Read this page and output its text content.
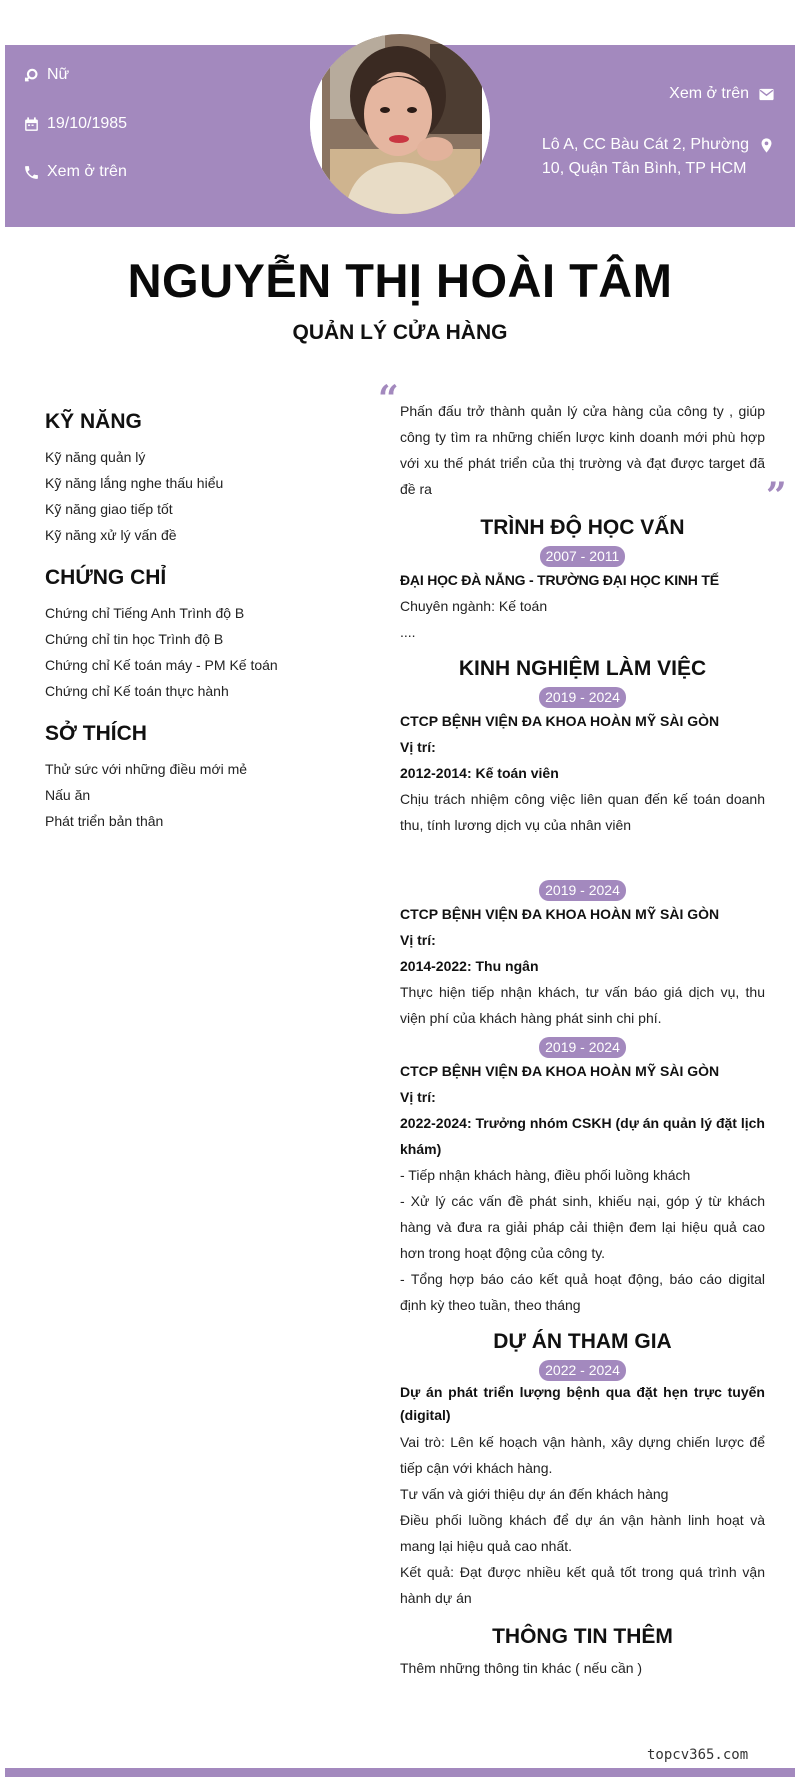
Nữ
19/10/1985
Xem ở trên
Xem ở trên
Lô A, CC Bàu Cát 2, Phường
10, Quận Tân Bình, TP HCM
NGUYỄN THỊ HOÀI TÂM
QUẢN LÝ CỬA HÀNG
KỸ NĂNG
Kỹ năng quản lý
Kỹ năng lắng nghe thấu hiểu
Kỹ năng giao tiếp tốt
Kỹ năng xử lý vấn đề
CHỨNG CHỈ
Chứng chỉ Tiếng Anh Trình độ B
Chứng chỉ tin học Trình độ B
Chứng chỉ Kế toán máy - PM Kế toán
Chứng chỉ Kế toán thực hành
SỞ THÍCH
Thử sức với những điều mới mẻ
Nấu ăn
Phát triển bản thân
“
”

Phấn đấu trở thành quản lý cửa hàng của công ty , giúp công ty tìm ra những chiến lược kinh doanh mới phù hợp với xu thế phát triển của thị trường và đạt được target đã đề ra

TRÌNH ĐỘ HỌC VẤN
2007 - 2011
ĐẠI HỌC ĐÀ NẴNG - TRƯỜNG ĐẠI HỌC KINH TẾ
Chuyên ngành: Kế toán
....
KINH NGHIỆM LÀM VIỆC
2019 - 2024
CTCP BỆNH VIỆN ĐA KHOA HOÀN MỸ SÀI GÒN
Vị trí:
2012-2014: Kế toán viên
Chịu trách nhiệm công việc liên quan đến kế toán doanh thu, tính lương dịch vụ của nhân viên
2019 - 2024
CTCP BỆNH VIỆN ĐA KHOA HOÀN MỸ SÀI GÒN
Vị trí:
2014-2022: Thu ngân
Thực hiện tiếp nhận khách, tư vấn báo giá dịch vụ, thu viện phí của khách hàng phát sinh chi phí.
2019 - 2024
CTCP BỆNH VIỆN ĐA KHOA HOÀN MỸ SÀI GÒN
Vị trí:
2022-2024: Trưởng nhóm CSKH (dự án quản lý đặt lịch khám)
- Tiếp nhận khách hàng, điều phối luồng khách
- Xử lý các vấn đề phát sinh, khiếu nại, góp ý từ khách hàng và đưa ra giải pháp cải thiện đem lại hiệu quả cao hơn trong hoạt động của công ty.
- Tổng hợp báo cáo kết quả hoạt động, báo cáo digital định kỳ theo tuần, theo tháng
DỰ ÁN THAM GIA
2022 - 2024
Dự án phát triển lượng bệnh qua đặt hẹn trực tuyến (digital)
Vai trò: Lên kế hoạch vận hành, xây dựng chiến lược để tiếp cận với khách hàng.
Tư vấn và giới thiệu dự án đến khách hàng
Điều phối luồng khách để dự án vận hành linh hoạt và mang lại hiệu quả cao nhất.
Kết quả: Đạt được nhiều kết quả tốt trong quá trình vận hành dự án
THÔNG TIN THÊM
Thêm những thông tin khác ( nếu cần )
topcv365.com
